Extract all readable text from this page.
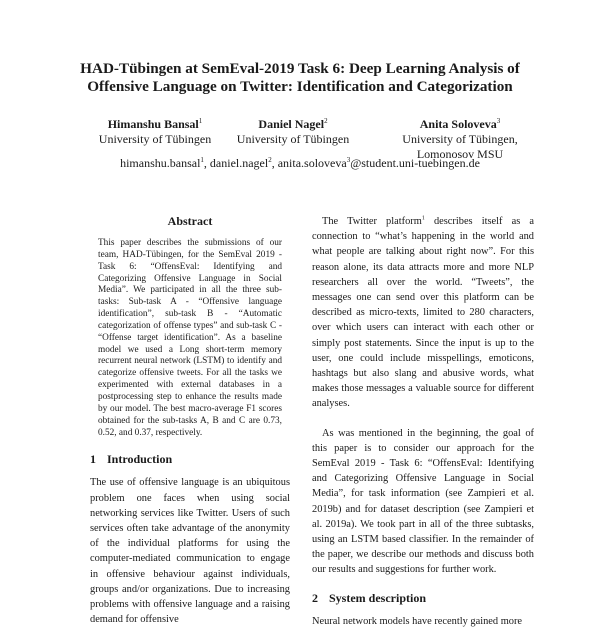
HAD-Tübingen at SemEval-2019 Task 6: Deep Learning Analysis of
Offensive Language on Twitter: Identification and Categorization
Himanshu Bansal$^1$
University of Tübingen
Daniel Nagel$^2$
University of Tübingen
Anita Soloveva$^3$
University of Tübingen,
Lomonosov MSU
himanshu.bansal$^1$, daniel.nagel$^2$, anita.soloveva$^3$@student.uni-tuebingen.de
Abstract

This paper describes the submissions of our team, HAD-Tübingen, for the SemEval 2019 - Task 6: “OffensEval: Identifying and Categorizing Offensive Language in Social Media”. We participated in all the three sub-tasks: Sub-task A - “Offensive language identification”, sub-task B - “Automatic categorization of offense types” and sub-task C - “Offense target identification”. As a baseline model we used a Long short-term memory recurrent neural network (LSTM) to identify and categorize offensive tweets. For all the tasks we experimented with external databases in a postprocessing step to enhance the results made by our model. The best macro-average F1 scores obtained for the sub-tasks A, B and C are 0.73, 0.52, and 0.37, respectively.

1 Introduction

The use of offensive language is an ubiquitous problem one faces when using social networking services like Twitter. Users of such services often take advantage of the anonymity of the individual platforms for using the computer-mediated communication to engage in offensive behaviour against individuals, groups and/or organizations. Due to increasing problems with offensive language and a raising demand for offensive

The Twitter platform$^1$ describes itself as a connection to “what’s happening in the world and what people are talking about right now”. For this reason alone, its data attracts more and more NLP researchers all over the world. “Tweets”, the messages one can send over this platform can be described as micro-texts, limited to 280 characters, over which users can interact with each other or simply post statements. Since the input is up to the user, one could include misspellings, emoticons, hashtags but also slang and abusive words, what makes those messages a valuable source for different analyses.

As was mentioned in the beginning, the goal of this paper is to consider our approach for the SemEval 2019 - Task 6: “OffensEval: Identifying and Categorizing Offensive Language in Social Media”, for task information (see Zampieri et al. 2019b) and for dataset description (see Zampieri et al. 2019a). We took part in all of the three subtasks, using an LSTM based classifier. In the remainder of the paper, we describe our methods and discuss both our results and suggestions for further work.

2 System description

Neural network models have recently gained more
